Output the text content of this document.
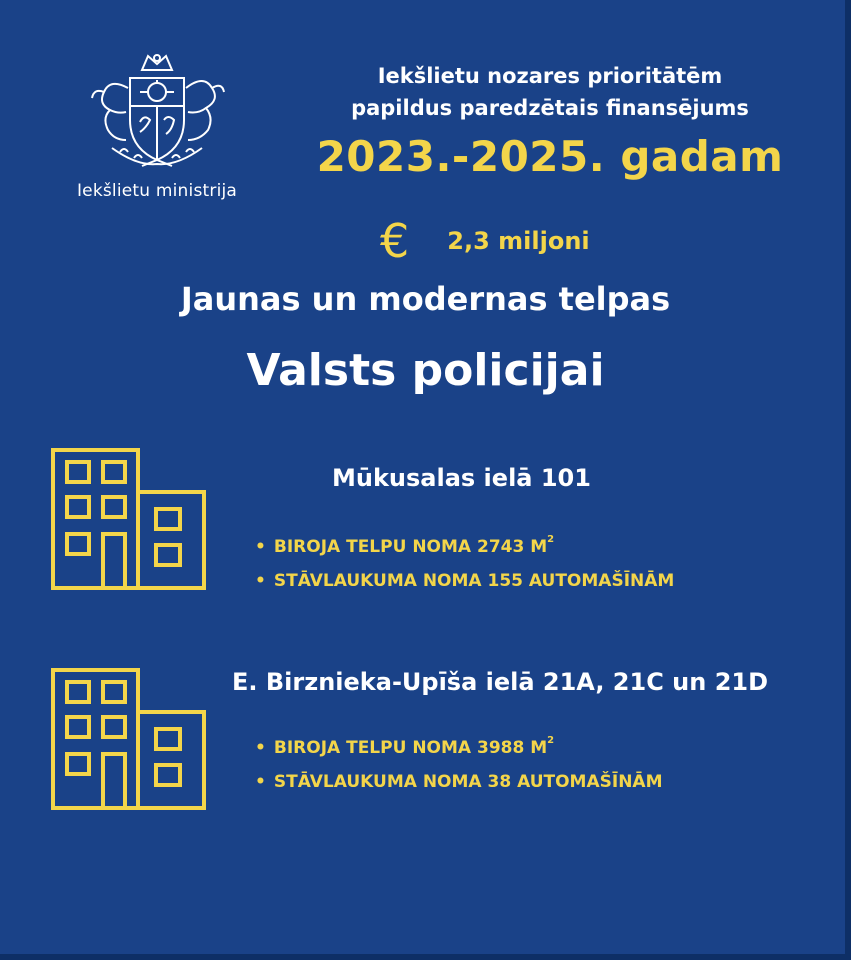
Iekšlietu ministrija
Iekšlietu nozares prioritātēm
papildus paredzētais finansējums
2023.-2025. gadam
€ 2,3 miljoni
Jaunas un modernas telpas
Valsts policijai
Mūkusalas ielā 101
• BIROJA TELPU NOMA 2743 $M^2$
• STĀVLAUKUMA NOMA 155 AUTOMAŠĪNĀM
E. Birznieka-Upīša ielā 21A, 21C un 21D
• BIROJA TELPU NOMA 3988 $M^2$
• STĀVLAUKUMA NOMA 38 AUTOMAŠĪNĀM
